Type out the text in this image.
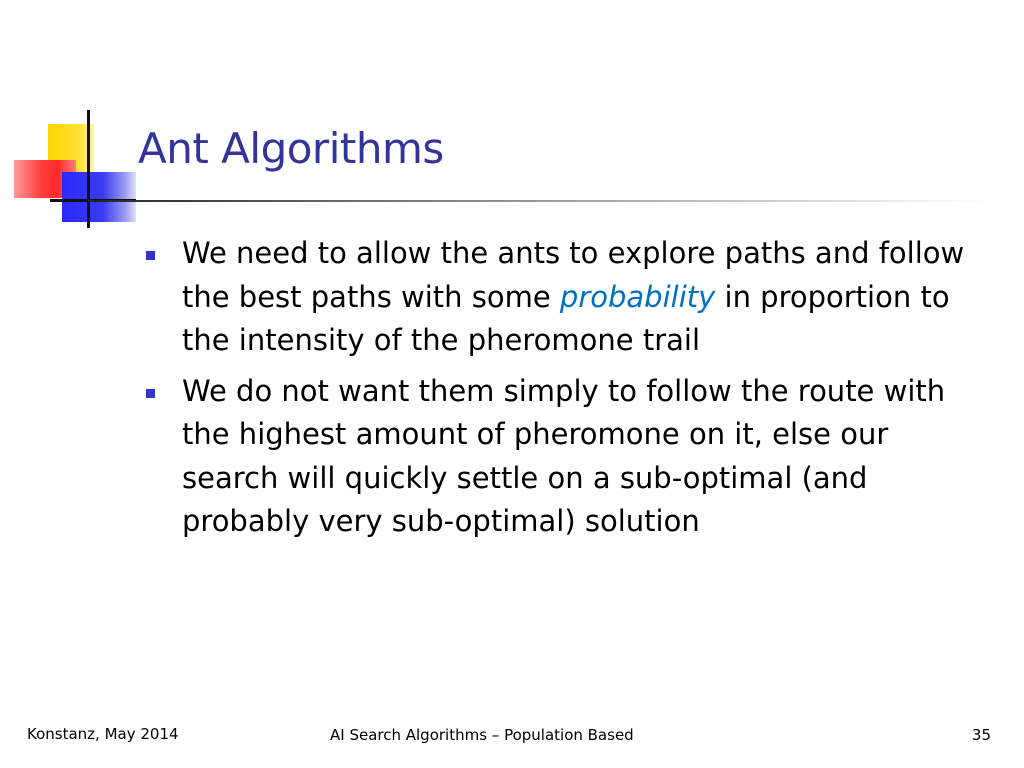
Ant Algorithms
We need to allow the ants to explore paths and follow the best paths with some probability in proportion to the intensity of the pheromone trail
We do not want them simply to follow the route with the highest amount of pheromone on it, else our search will quickly settle on a sub-optimal (and probably very sub-optimal) solution
Konstanz, May 2014	AI Search Algorithms – Population Based	35
